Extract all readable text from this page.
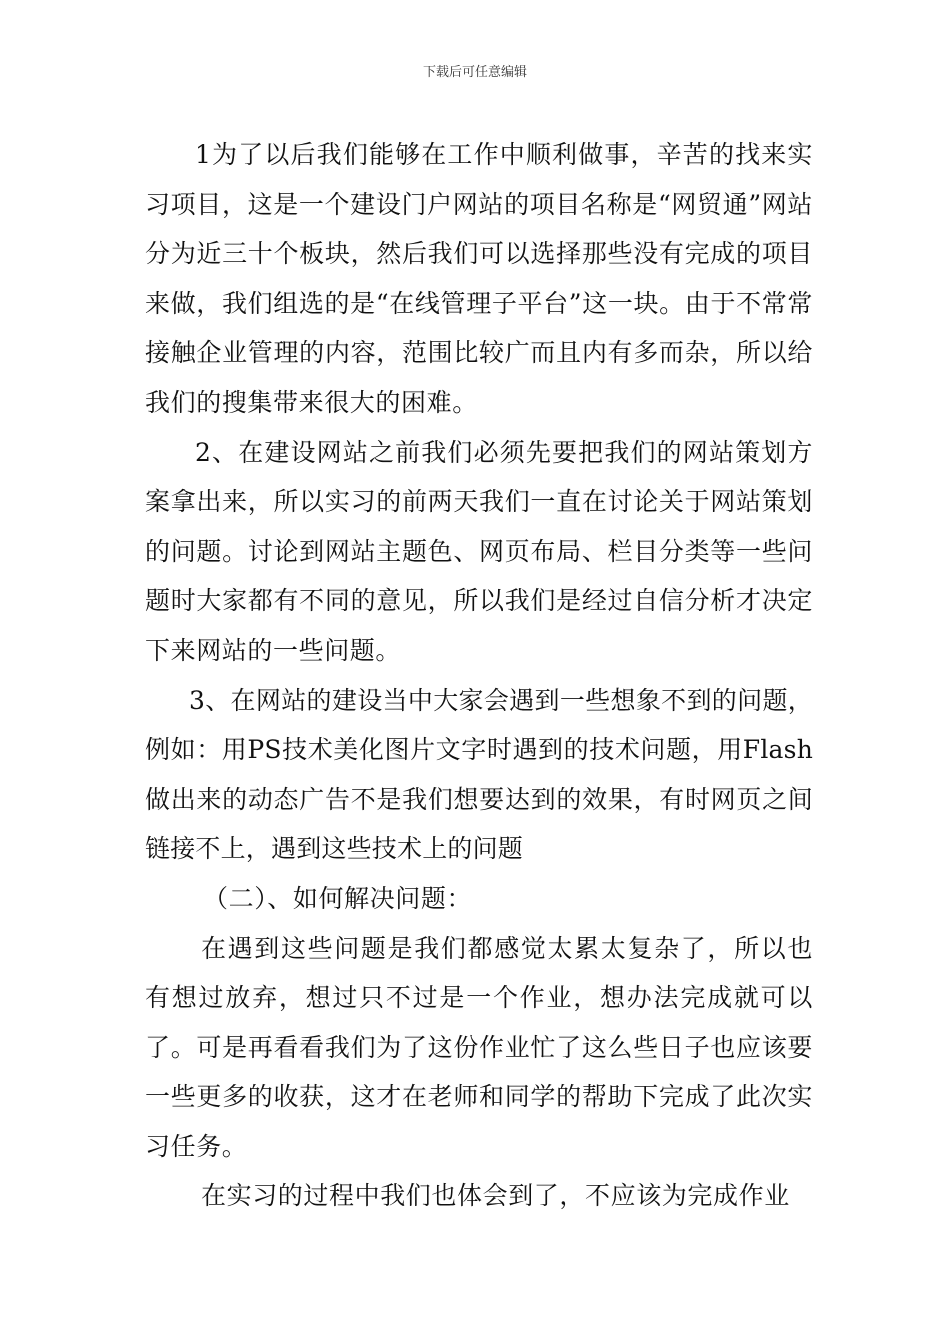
下载后可任意编辑

1为了以后我们能够在工作中顺利做事，辛苦的找来实习项目，这是一个建设门户网站的项目名称是“网贸通”网站分为近三十个板块，然后我们可以选择那些没有完成的项目来做，我们组选的是“在线管理子平台”这一块。由于不常常接触企业管理的内容，范围比较广而且内有多而杂，所以给我们的搜集带来很大的困难。

2、在建设网站之前我们必须先要把我们的网站策划方案拿出来，所以实习的前两天我们一直在讨论关于网站策划的问题。讨论到网站主题色、网页布局、栏目分类等一些问题时大家都有不同的意见，所以我们是经过自信分析才决定下来网站的一些问题。

3、在网站的建设当中大家会遇到一些想象不到的问题，例如：用PS技术美化图片文字时遇到的技术问题，用Flash做出来的动态广告不是我们想要达到的效果，有时网页之间链接不上，遇到这些技术上的问题

（二）、如何解决问题：

在遇到这些问题是我们都感觉太累太复杂了，所以也有想过放弃，想过只不过是一个作业，想办法完成就可以了。可是再看看我们为了这份作业忙了这么些日子也应该要一些更多的收获，这才在老师和同学的帮助下完成了此次实习任务。

在实习的过程中我们也体会到了，不应该为完成作业
